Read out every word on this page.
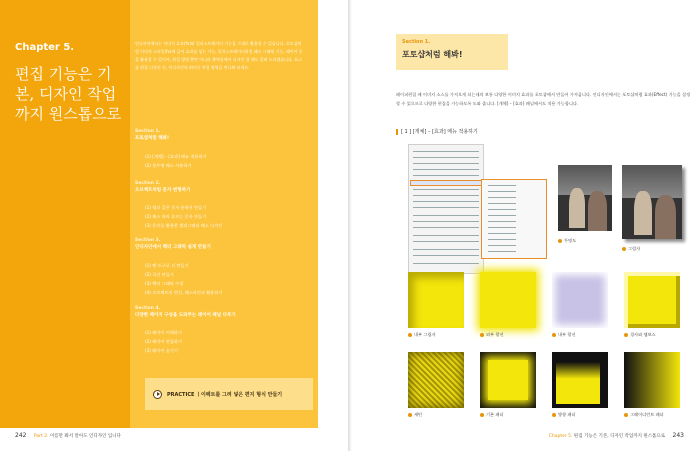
Chapter 5.
편집 기능은 기본, 디자인 작업까지 원스톱으로
인디자인에서는 이미지 효과(fx)와 일러스트레이터 기능을 그대로 활용할 수 있습니다. 포토샵처럼 이미지 스타일(fx)에 들어 효과를 넣는 기능, 일러스트레이터처럼 패스 그래픽 기능, 레이어 등을 활용할 수 있어서, 편집 방법 뿐만 아니라 출력물에서 디자인 할 때도 알려 드리겠습니다. 표스를 편집 디자인 등, 인디자인의 뛰어난 작업 영역을 만나봐 보세요.
Section 1.
포토샵처럼 해봐!
(1) [개체] – [효과] 메뉴 적용하기
(2) 불투명 패스 사용하기
Section 2.
오브젝트처럼 문자 변형하기
(1) 꺾쇠 같은 문자 윤곽선 만들기
(2) 패스 따라 흐르는 문자 만들기
(3) 문자를 활용한 캘리그래피 패스 디자인
Section 3.
인디자인에서 벡터 그래픽 쉽게 만들기
(1) 펜 도구로 선 만들기
(2) 곡선 만들기
(3) 벡터 그래픽 수정
(4) 오브젝트의 변신, 패스파인더 활용하기
Section 4.
다양한 페이지 구성을 도와주는 레이어 패널 다루기
(1) 레이어 이해하기
(2) 레이어 편집하기
(3) 레이어 숨기기
PRACTICE ㅣ이펙트를 그려 넣은 편지 형식 만들기
242 Part 2. 이름만 봐서 알아도 인디자인 입니다
Section 1.
포토샵처럼 해봐!
페이퍼편집 때 이미지 소스를 가져오게 되는데의 보통 다양한 이미지 효과를 포토샵에서 만들어 가져옵니다. 인디자인에서는 포토샵처럼 효과(Effect) 기능을 설정할 수 있으므로 다양한 편집을 가능하도록 도와 줍니다. [개체] – [효과] 패널에서도 적용 가능합니다.
[ 1 ] [개체] – [효과] 메뉴 적용하기
투명도
그림자
내부 그림자	외부 광선	내부 광선	경사와 엠보스
새틴	기본 페더	방향 페더	그레이디언트 페더
Chapter 5. 편집 기능은 기본, 디자인 작업까지 원스톱으로 243
